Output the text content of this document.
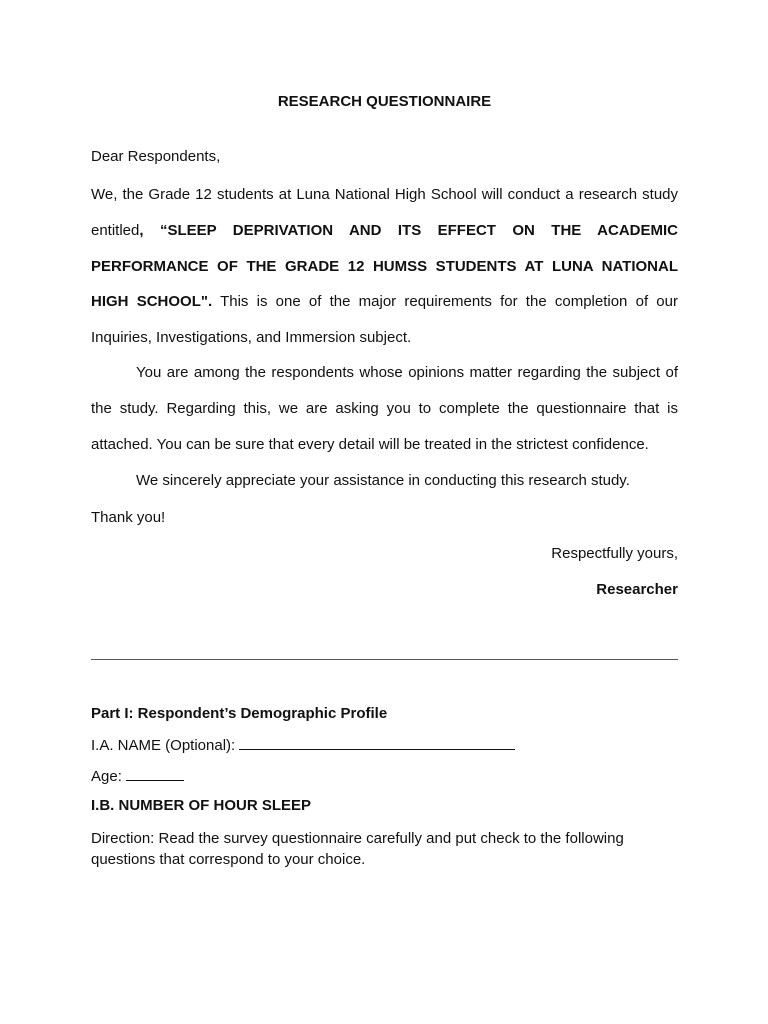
RESEARCH QUESTIONNAIRE

Dear Respondents,

We, the Grade 12 students at Luna National High School will conduct a research study entitled, “SLEEP DEPRIVATION AND ITS EFFECT ON THE ACADEMIC PERFORMANCE OF THE GRADE 12 HUMSS STUDENTS AT LUNA NATIONAL HIGH SCHOOL". This is one of the major requirements for the completion of our Inquiries, Investigations, and Immersion subject.

You are among the respondents whose opinions matter regarding the subject of the study. Regarding this, we are asking you to complete the questionnaire that is attached. You can be sure that every detail will be treated in the strictest confidence.

We sincerely appreciate your assistance in conducting this research study.

Thank you!

Respectfully yours,

Researcher

Part I: Respondent’s Demographic Profile

I.A. NAME (Optional):

Age:

I.B. NUMBER OF HOUR SLEEP

Direction: Read the survey questionnaire carefully and put check to the following questions that correspond to your choice.
